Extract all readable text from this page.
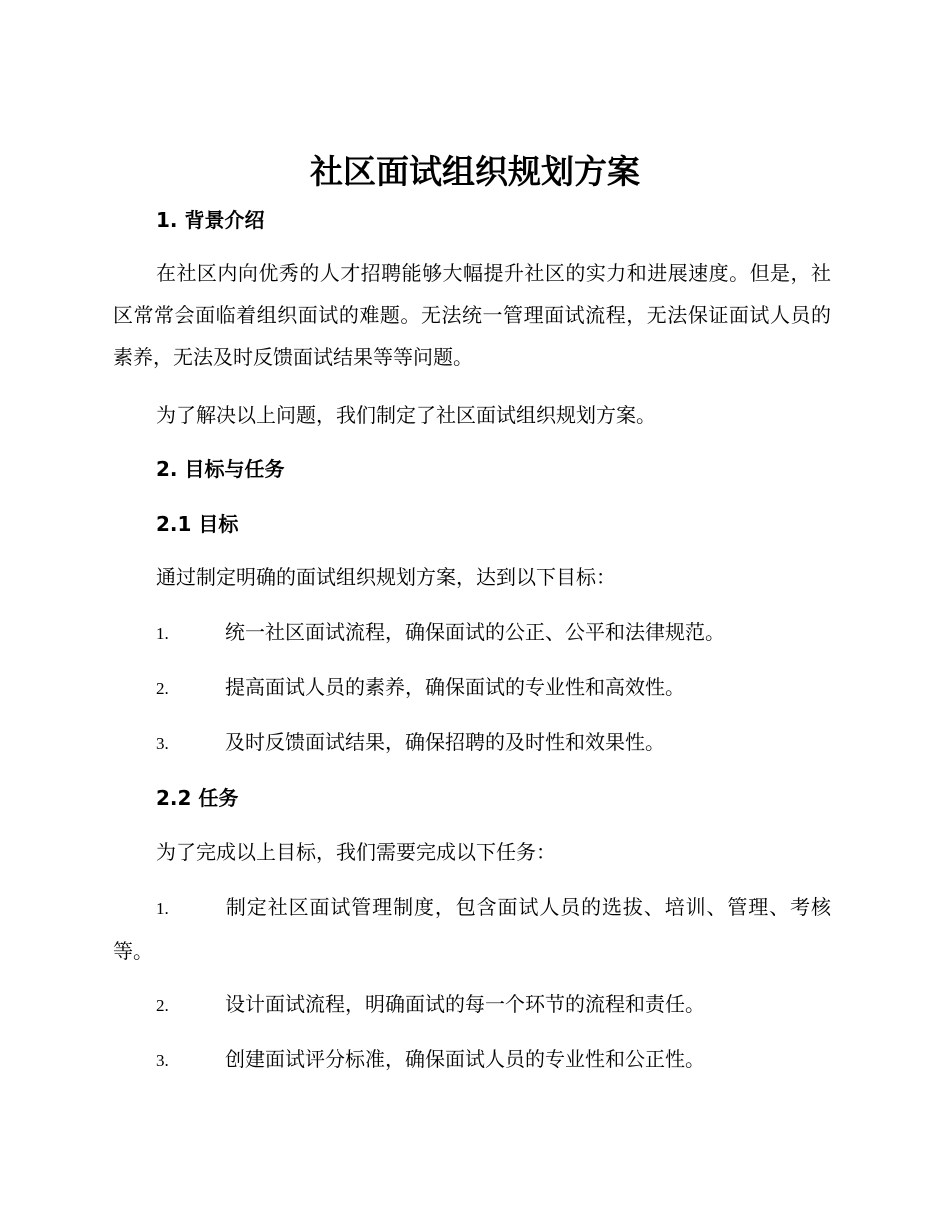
社区面试组织规划方案
1. 背景介绍

在社区内向优秀的人才招聘能够大幅提升社区的实力和进展速度。但是，社区常常会面临着组织面试的难题。无法统一管理面试流程，无法保证面试人员的素养，无法及时反馈面试结果等等问题。

为了解决以上问题，我们制定了社区面试组织规划方案。

2. 目标与任务
2.1 目标

通过制定明确的面试组织规划方案，达到以下目标：

1.	统一社区面试流程，确保面试的公正、公平和法律规范。

2.	提高面试人员的素养，确保面试的专业性和高效性。

3.	及时反馈面试结果，确保招聘的及时性和效果性。

2.2 任务

为了完成以上目标，我们需要完成以下任务：

1.	制定社区面试管理制度，包含面试人员的选拔、培训、管理、考核等。

2.	设计面试流程，明确面试的每一个环节的流程和责任。

3.	创建面试评分标准，确保面试人员的专业性和公正性。
